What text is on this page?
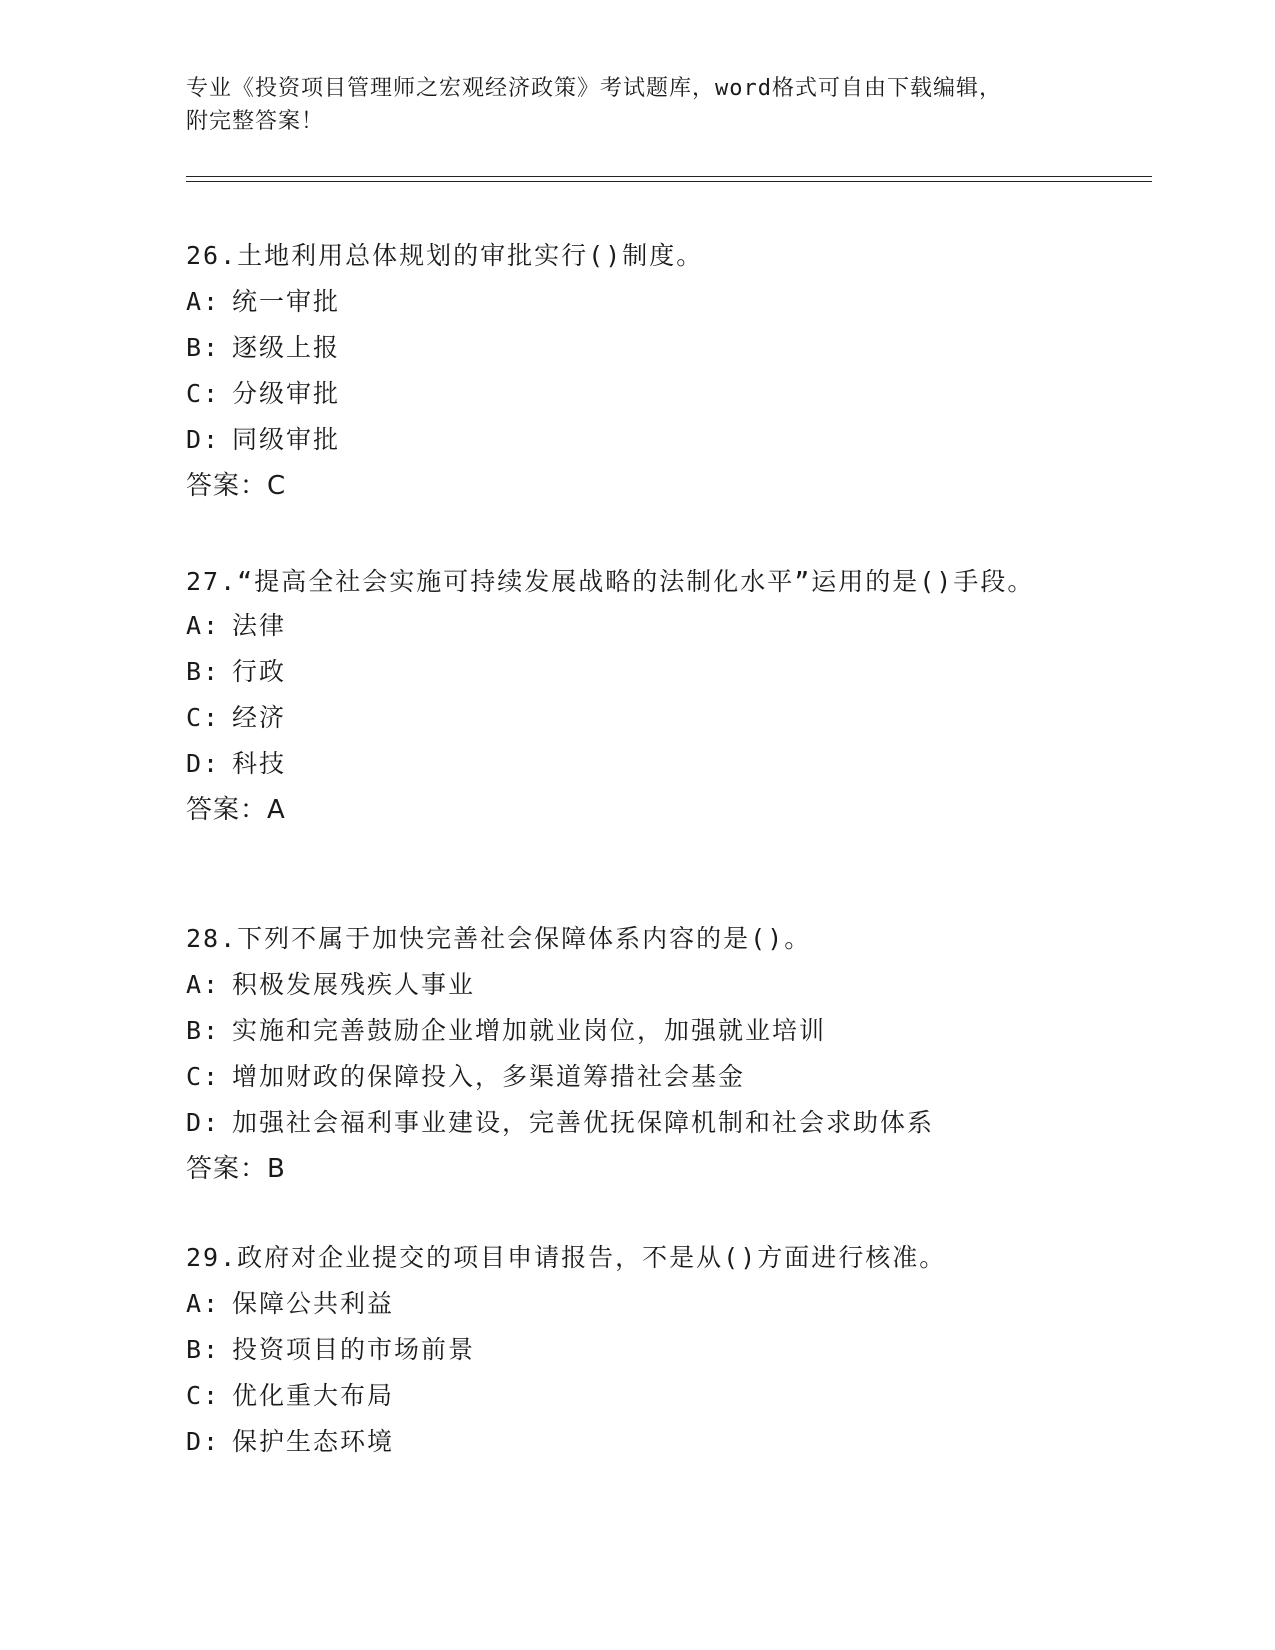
专业《投资项目管理师之宏观经济政策》考试题库，word格式可自由下载编辑，

附完整答案！

26.土地利用总体规划的审批实行()制度。

A: 统一审批
B: 逐级上报
C: 分级审批
D: 同级审批
答案：C

27.“提高全社会实施可持续发展战略的法制化水平”运用的是()手段。

A: 法律
B: 行政
C: 经济
D: 科技
答案：A

28.下列不属于加快完善社会保障体系内容的是()。

A: 积极发展残疾人事业
B: 实施和完善鼓励企业增加就业岗位，加强就业培训
C: 增加财政的保障投入，多渠道筹措社会基金
D: 加强社会福利事业建设，完善优抚保障机制和社会求助体系
答案：B

29.政府对企业提交的项目申请报告，不是从()方面进行核准。

A: 保障公共利益
B: 投资项目的市场前景
C: 优化重大布局
D: 保护生态环境
